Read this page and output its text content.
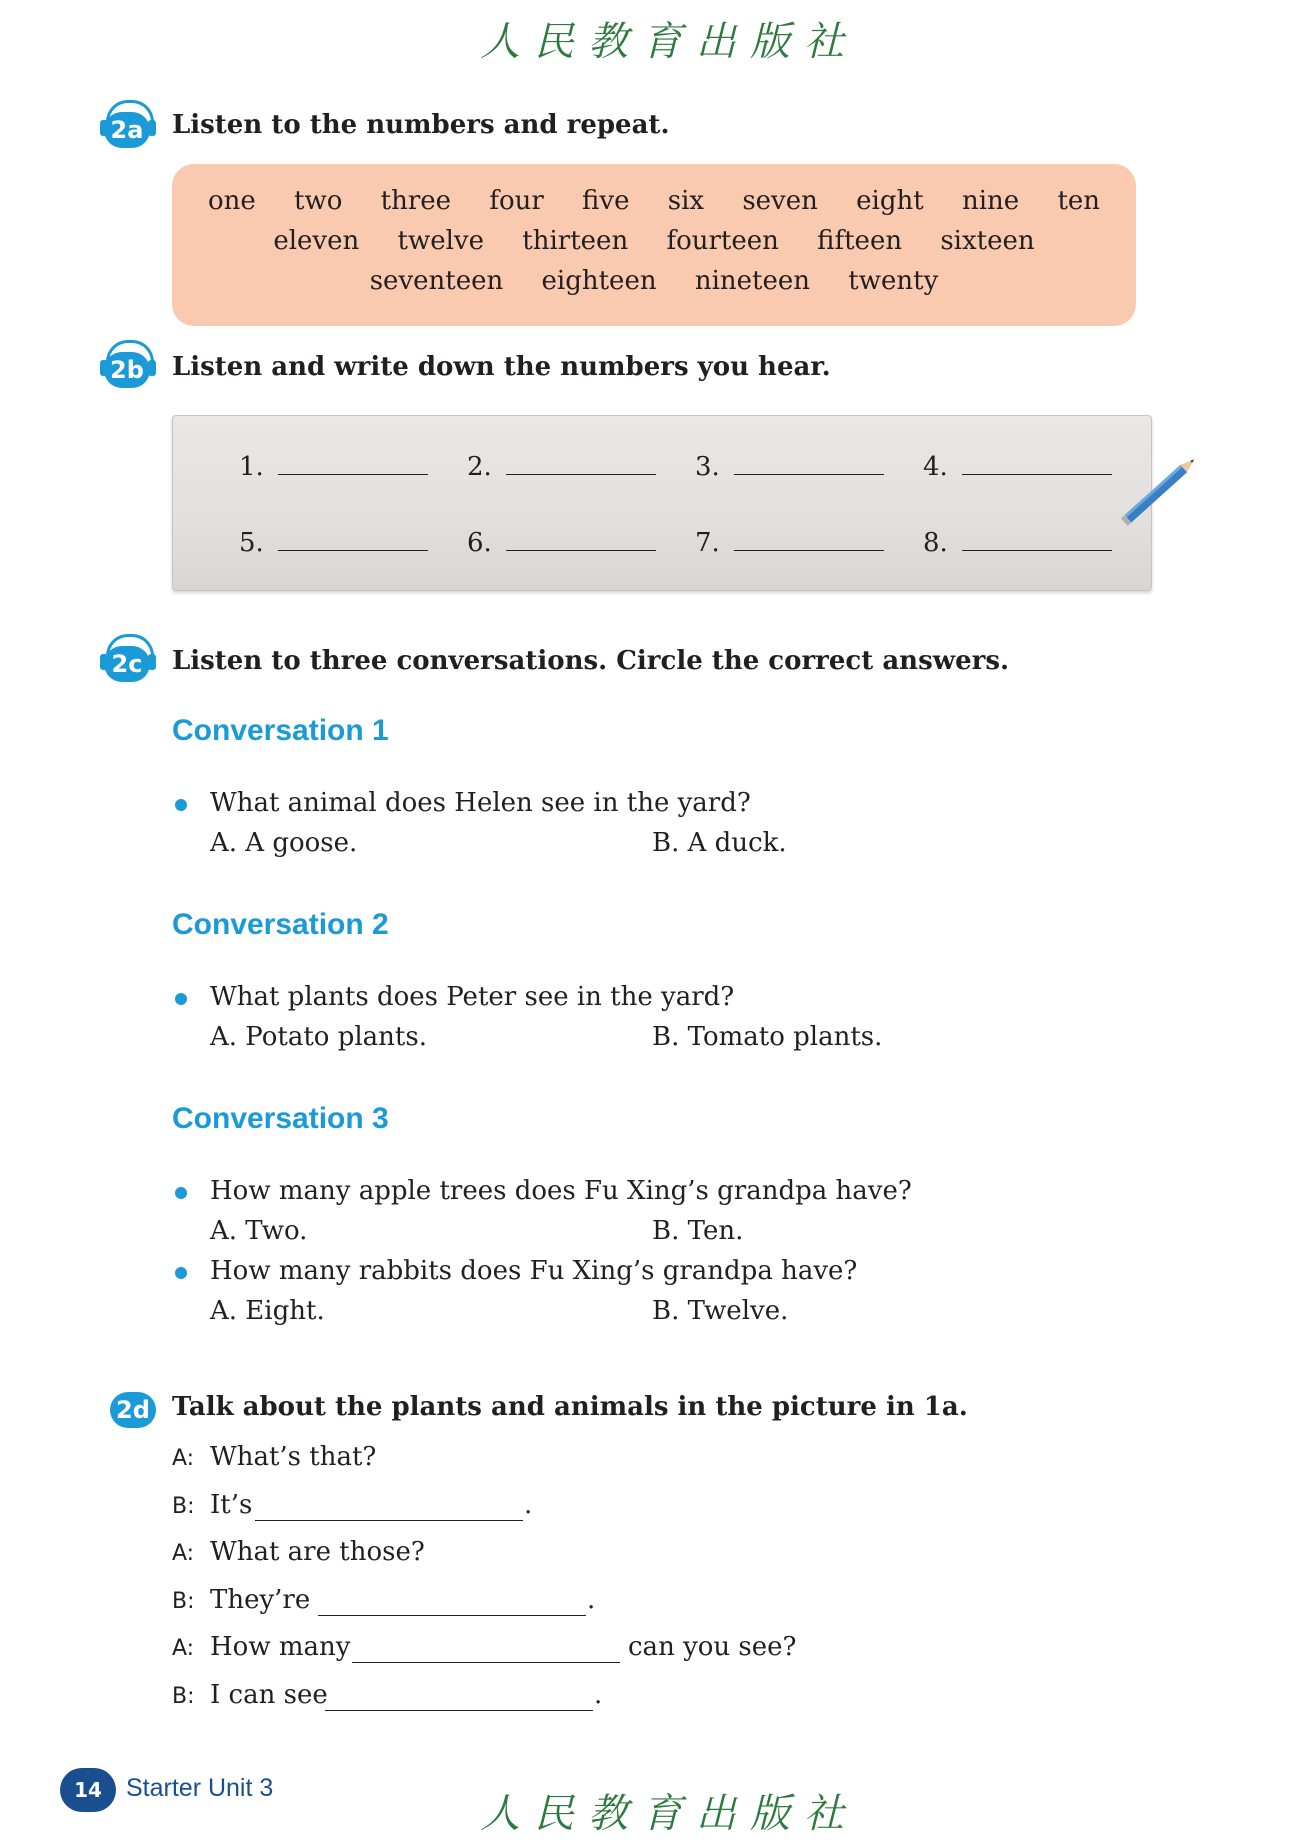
人民教育出版社
2a Listen to the numbers and repeat.
one two three four five six seven eight nine ten
eleven twelve thirteen fourteen fifteen sixteen
seventeen eighteen nineteen twenty
2b Listen and write down the numbers you hear.
1.	2.	3.	4.
5.	6.	7.	8.
2c Listen to three conversations. Circle the correct answers.
Conversation 1
What animal does Helen see in the yard?
A. A goose.	B. A duck.
Conversation 2
What plants does Peter see in the yard?
A. Potato plants.	B. Tomato plants.
Conversation 3
How many apple trees does Fu Xing’s grandpa have?
A. Two.	B. Ten.
How many rabbits does Fu Xing’s grandpa have?
A. Eight.	B. Twelve.
2d Talk about the plants and animals in the picture in 1a.
A: What’s that?
B: It’s	.
A: What are those?
B: They’re	.
A: How many	can you see?
B: I can see	.
14 Starter Unit 3
人民教育出版社
